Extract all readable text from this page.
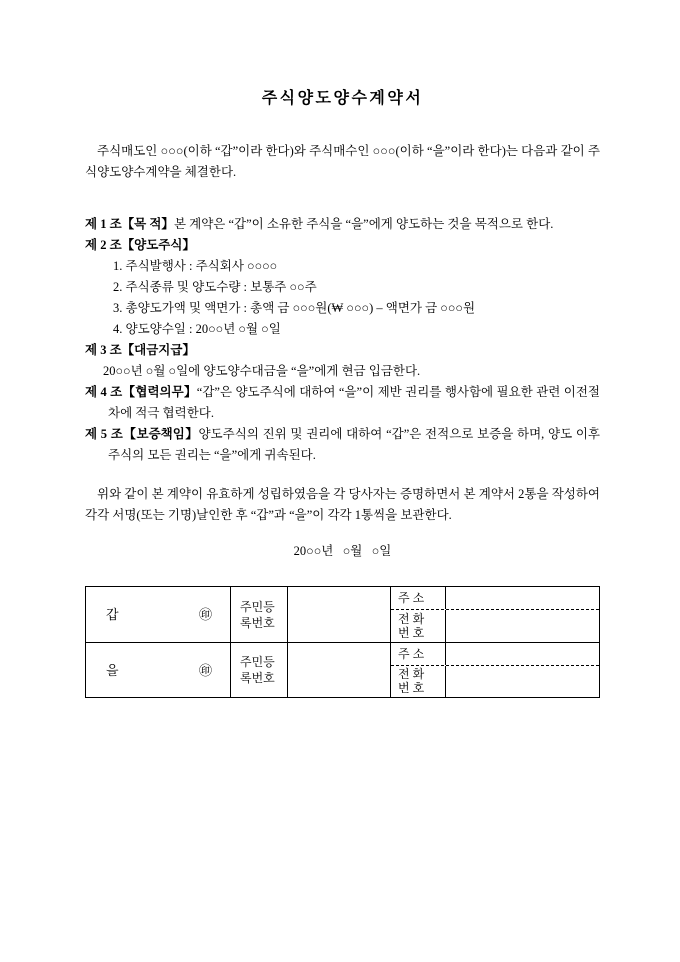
주식양도양수계약서

주식매도인 ○○○(이하 “갑”이라 한다)와 주식매수인 ○○○(이하 “을”이라 한다)는 다음과 같이 주식양도양수계약을 체결한다.

제 1 조【목 적】본 계약은 “갑”이 소유한 주식을 “을”에게 양도하는 것을 목적으로 한다.

제 2 조【양도주식】

1. 주식발행사 : 주식회사 ○○○○
2. 주식종류 및 양도수량 : 보통주 ○○주
3. 총양도가액 및 액면가 : 총액 금 ○○○원(₩ ○○○) – 액면가 금 ○○○원
4. 양도양수일 : 20○○년 ○월 ○일

제 3 조【대금지급】

20○○년 ○월 ○일에 양도양수대금을 “을”에게 현금 입금한다.

제 4 조【협력의무】“갑”은 양도주식에 대하여 “을”이 제반 권리를 행사함에 필요한 관련 이전절차에 적극 협력한다.

제 5 조【보증책임】양도주식의 진위 및 권리에 대하여 “갑”은 전적으로 보증을 하며, 양도 이후 주식의 모든 권리는 “을”에게 귀속된다.

위와 같이 본 계약이 유효하게 성립하였음을 각 당사자는 증명하면서 본 계약서 2통을 작성하여 각각 서명(또는 기명)날인한 후 “갑”과 “을”이 각각 1통씩을 보관한다.

20○○년   ○월   ○일
갑	㊞
주민등
록번호
주 소
전 화
번 호
을	㊞
주민등
록번호
주 소
전 화
번 호
